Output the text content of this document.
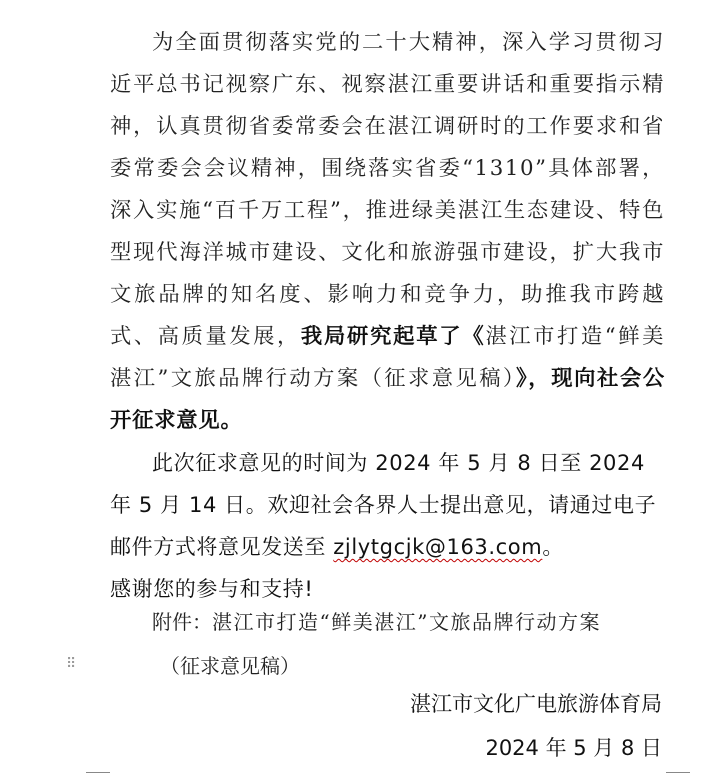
为全面贯彻落实党的二十大精神，深入学习贯彻习近平总书记视察广东、视察湛江重要讲话和重要指示精神，认真贯彻省委常委会在湛江调研时的工作要求和省委常委会会议精神，围绕落实省委“1310”具体部署，深入实施“百千万工程”，推进绿美湛江生态建设、特色型现代海洋城市建设、文化和旅游强市建设，扩大我市文旅品牌的知名度、影响力和竞争力，助推我市跨越式、高质量发展，我局研究起草了《湛江市打造“鲜美湛江”文旅品牌行动方案（征求意见稿）》，现向社会公开征求意见。

此次征求意见的时间为 2024 年 5 月 8 日至 2024 年 5 月 14 日。欢迎社会各界人士提出意见，请通过电子邮件方式将意见发送至 zjlytgcjk@163.com。

感谢您的参与和支持!

附件：湛江市打造“鲜美湛江”文旅品牌行动方案
⠿	（征求意见稿）
湛江市文化广电旅游体育局
2024 年 5 月 8 日
